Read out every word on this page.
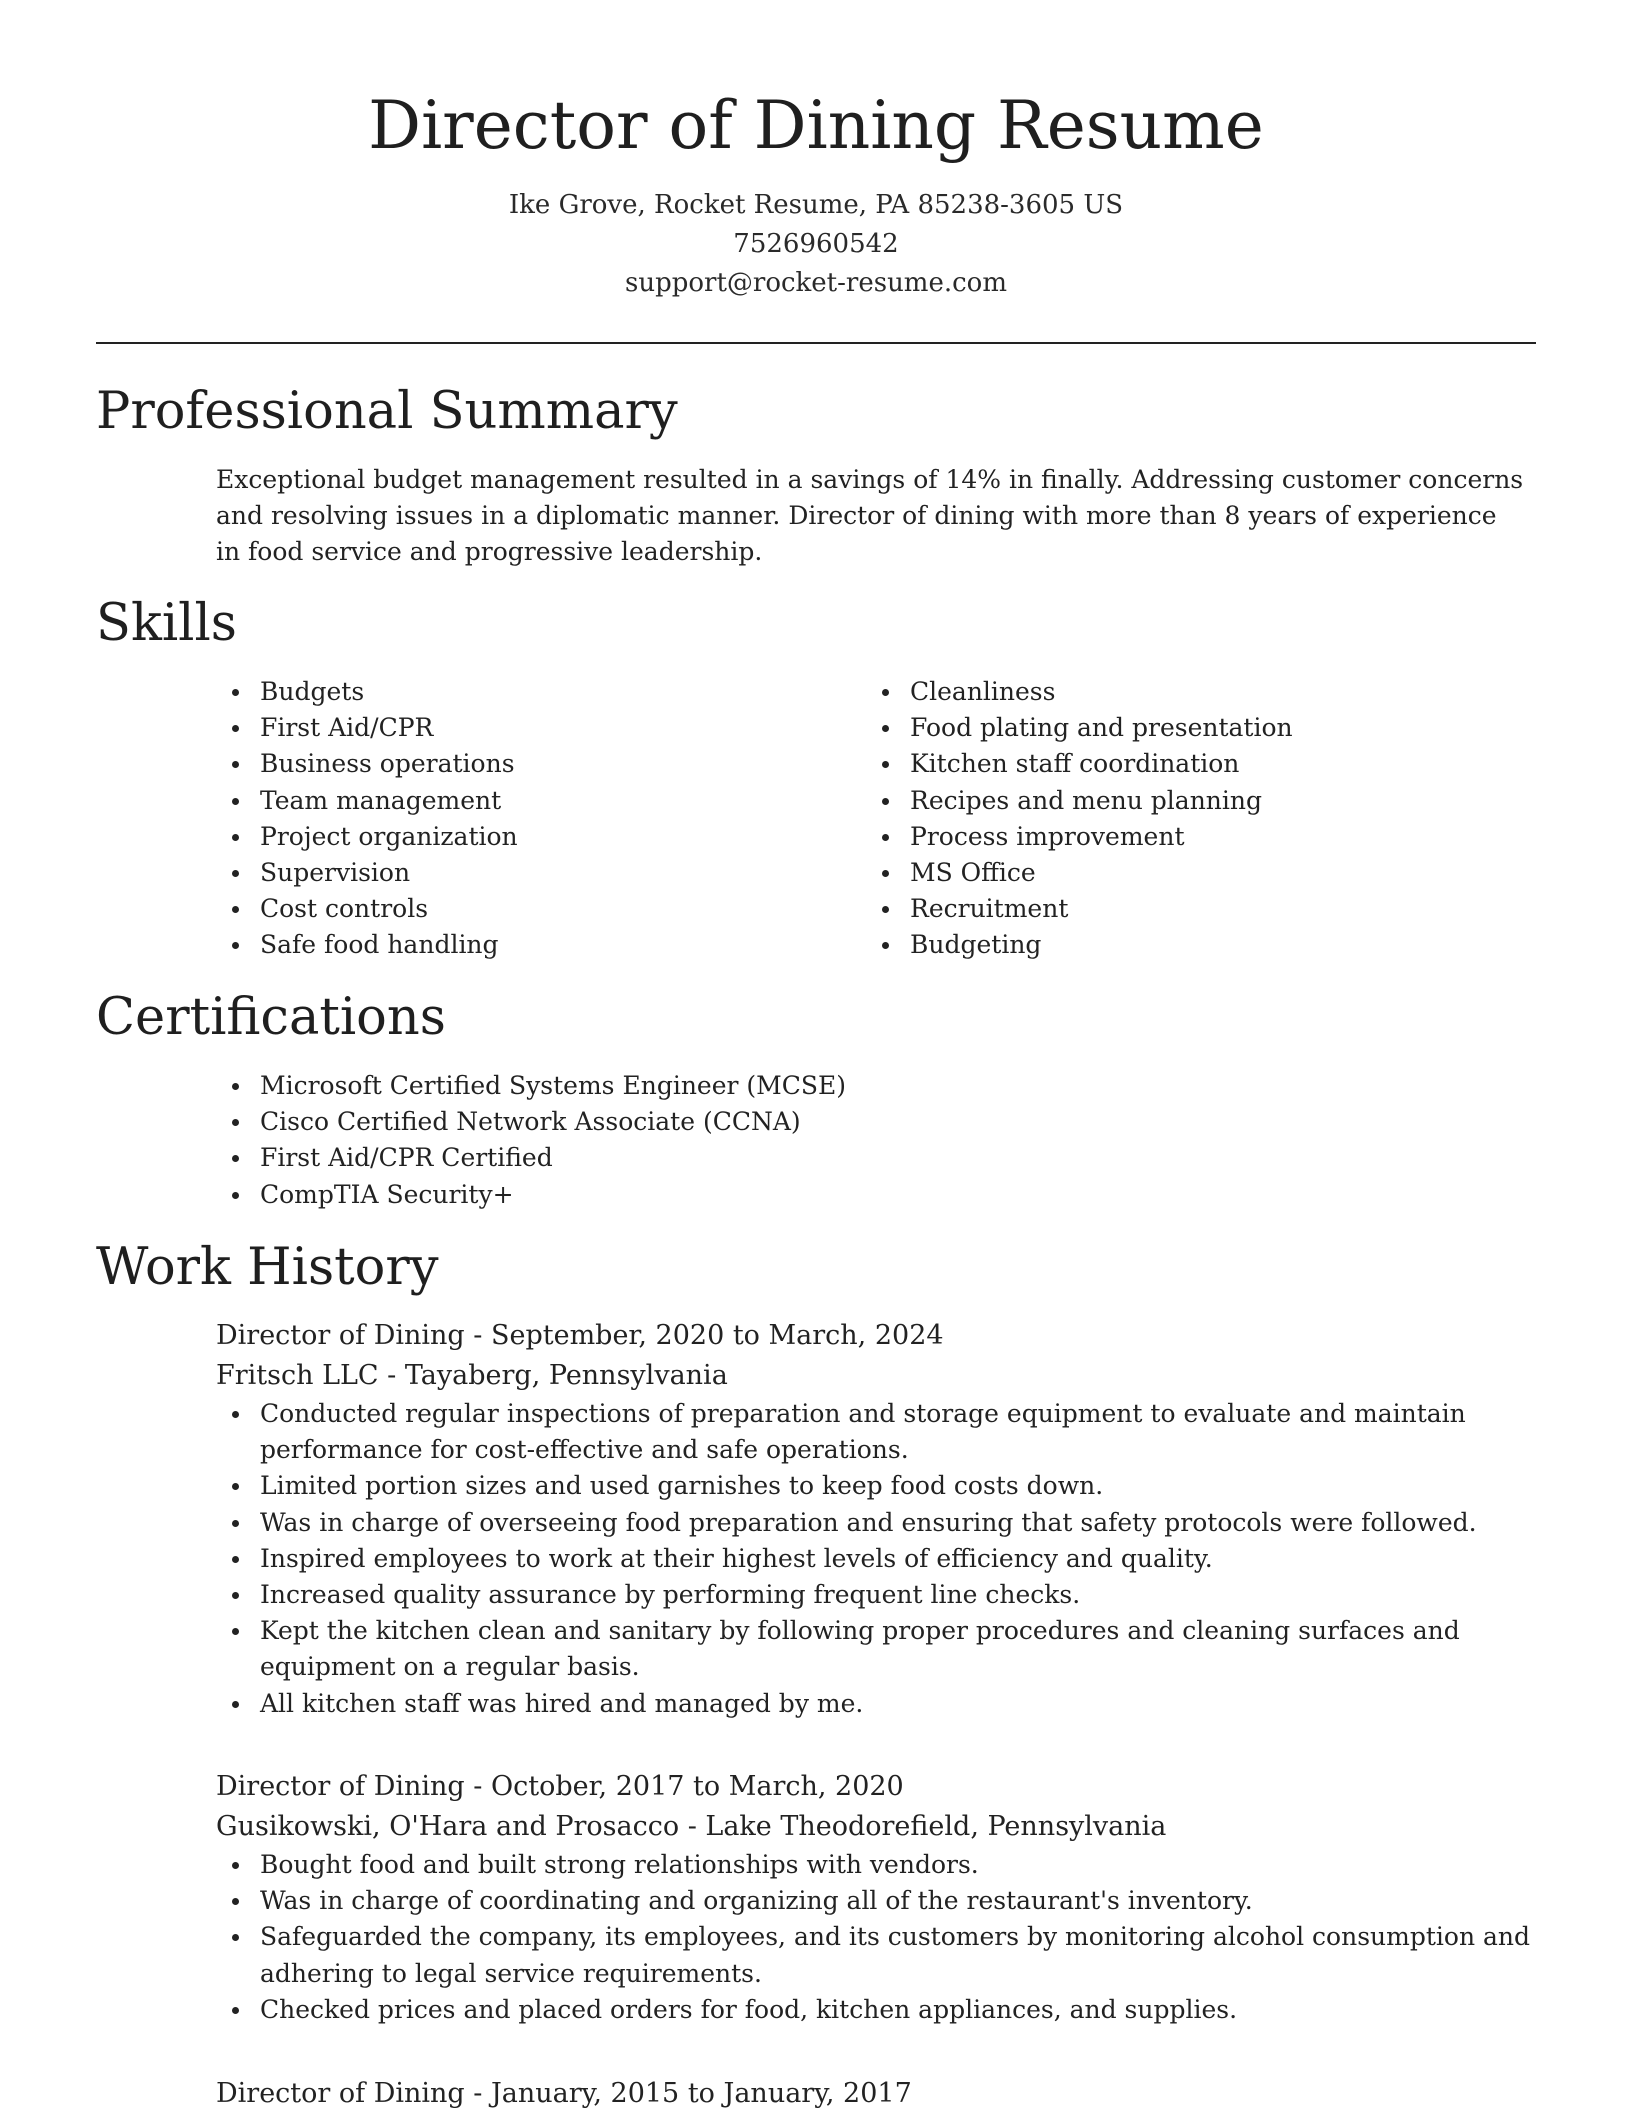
Director of Dining Resume
Ike Grove, Rocket Resume, PA 85238-3605 US
7526960542
support@rocket-resume.com
Professional Summary

Exceptional budget management resulted in a savings of 14% in finally. Addressing customer concerns and resolving issues in a diplomatic manner. Director of dining with more than 8 years of experience in food service and progressive leadership.

Skills
Budgets
First Aid/CPR
Business operations
Team management
Project organization
Supervision
Cost controls
Safe food handling
Cleanliness
Food plating and presentation
Kitchen staff coordination
Recipes and menu planning
Process improvement
MS Office
Recruitment
Budgeting
Certifications
Microsoft Certified Systems Engineer (MCSE)
Cisco Certified Network Associate (CCNA)
First Aid/CPR Certified
CompTIA Security+
Work History
Director of Dining - September, 2020 to March, 2024
Fritsch LLC - Tayaberg, Pennsylvania
Conducted regular inspections of preparation and storage equipment to evaluate and maintain performance for cost-effective and safe operations.
Limited portion sizes and used garnishes to keep food costs down.
Was in charge of overseeing food preparation and ensuring that safety protocols were followed.
Inspired employees to work at their highest levels of efficiency and quality.
Increased quality assurance by performing frequent line checks.
Kept the kitchen clean and sanitary by following proper procedures and cleaning surfaces and equipment on a regular basis.
All kitchen staff was hired and managed by me.
Director of Dining - October, 2017 to March, 2020
Gusikowski, O'Hara and Prosacco - Lake Theodorefield, Pennsylvania
Bought food and built strong relationships with vendors.
Was in charge of coordinating and organizing all of the restaurant's inventory.
Safeguarded the company, its employees, and its customers by monitoring alcohol consumption and adhering to legal service requirements.
Checked prices and placed orders for food, kitchen appliances, and supplies.
Director of Dining - January, 2015 to January, 2017
